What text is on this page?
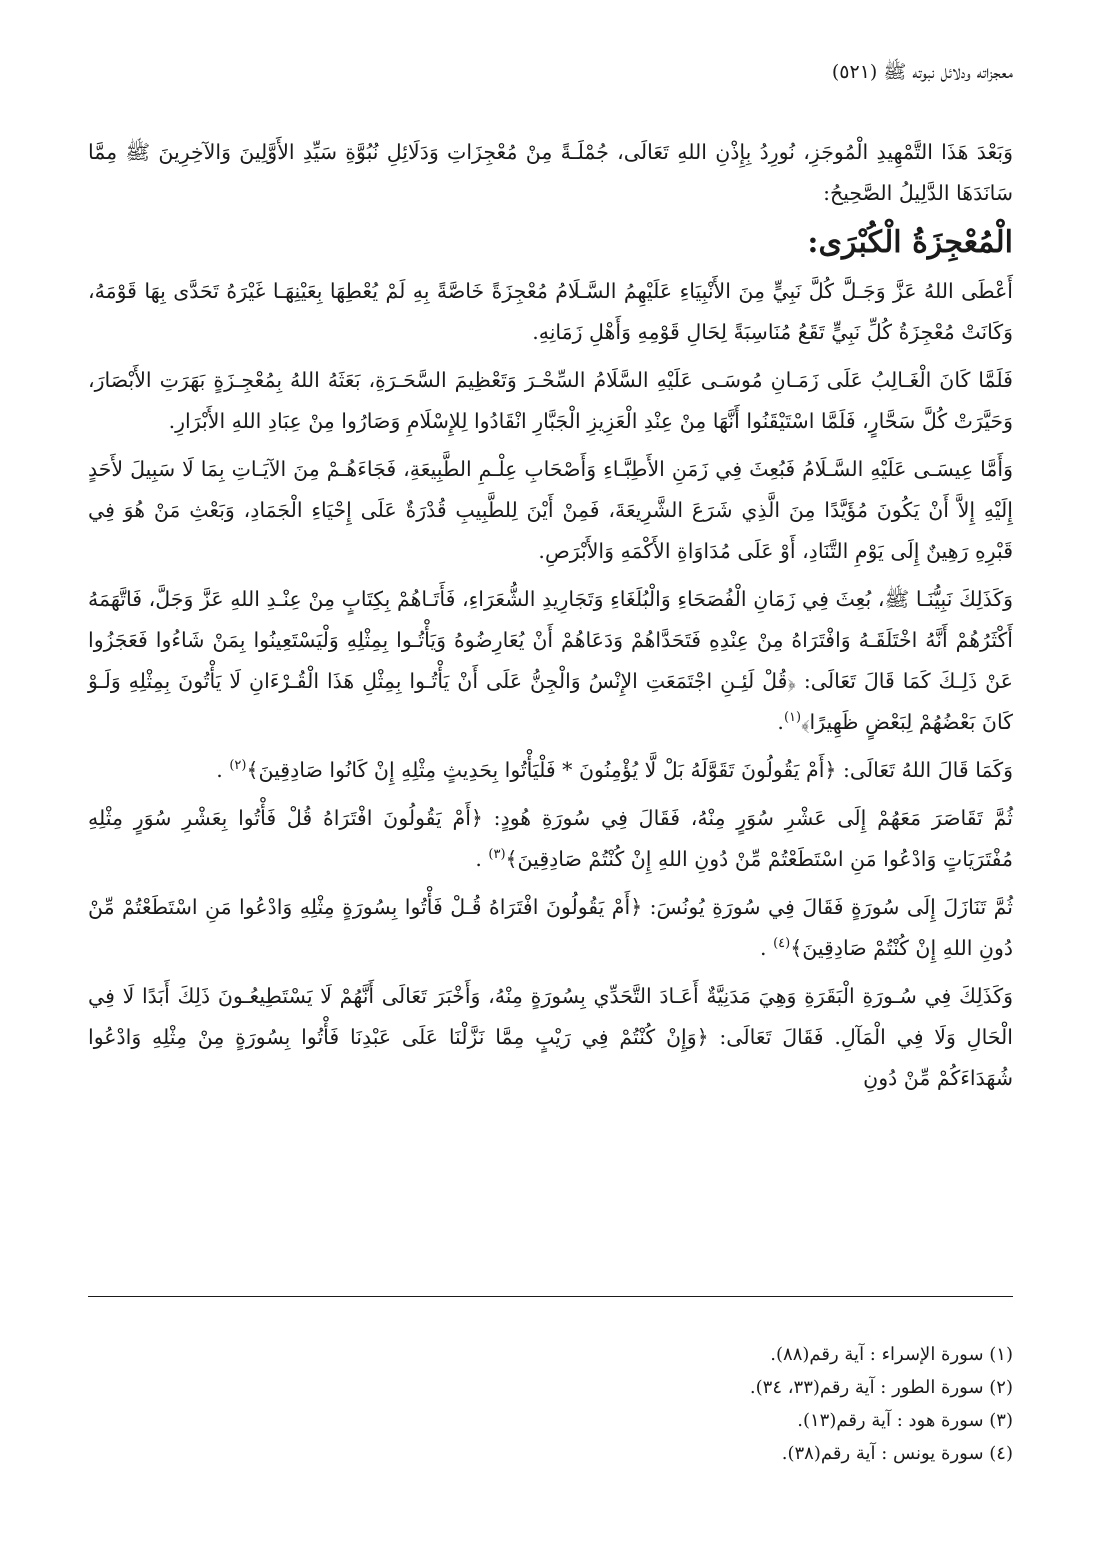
معجزاته ودلائل نبوته ﷺ (٥٢١)

وَبَعْدَ هَذَا التَّمْهِيدِ الْمُوجَزِ، نُورِدُ بِإِذْنِ اللهِ تَعَالَى، جُمْلَـةً مِنْ مُعْجِزَاتِ وَدَلَائِلِ نُبُوَّةِ سَيِّدِ الأَوَّلِينَ وَالآخِرِينَ ﷺ مِمَّا سَانَدَهَا الدَّلِيلُ الصَّحِيحُ:

الْمُعْجِزَةُ الْكُبْرَى:

أَعْطَى اللهُ عَزَّ وَجَـلَّ كُلَّ نَبِيٍّ مِنَ الأَنْبِيَاءِ عَلَيْهِمُ السَّـلَامُ مُعْجِزَةً خَاصَّةً بِهِ لَمْ يُعْطِهَا بِعَيْنِهَـا غَيْرَهُ تَحَدَّى بِهَا قَوْمَهُ، وَكَانَتْ مُعْجِزَةُ كُلِّ نَبِيٍّ تَقَعُ مُنَاسِبَةً لِحَالِ قَوْمِهِ وَأَهْلِ زَمَانِهِ.

فَلَمَّا كَانَ الْغَـالِبُ عَلَى زَمَـانِ مُوسَـى عَلَيْهِ السَّلَامُ السِّحْـرَ وَتَعْظِيمَ السَّحَـرَةِ، بَعَثَهُ اللهُ بِمُعْجِـزَةٍ بَهَرَتِ الأَبْصَارَ، وَحَيَّرَتْ كُلَّ سَحَّارٍ، فَلَمَّا اسْتَيْقَنُوا أَنَّهَا مِنْ عِنْدِ الْعَزِيزِ الْجَبَّارِ انْقَادُوا لِلإِسْلَامِ وَصَارُوا مِنْ عِبَادِ اللهِ الأَبْرَارِ.

وَأَمَّا عِيسَـى عَلَيْهِ السَّـلَامُ فَبُعِثَ فِي زَمَنِ الأَطِبَّـاءِ وَأَصْحَابِ عِلْـمِ الطَّبِيعَةِ، فَجَاءَهُـمْ مِنَ الآيَـاتِ بِمَا لَا سَبِيلَ لأَحَدٍ إِلَيْهِ إِلاَّ أَنْ يَكُونَ مُؤَيَّدًا مِنَ الَّذِي شَرَعَ الشَّرِيعَةَ، فَمِنْ أَيْنَ لِلطَّبِيبِ قُدْرَةٌ عَلَى إِحْيَاءِ الْجَمَادِ، وَبَعْثِ مَنْ هُوَ فِي قَبْرِهِ رَهِينٌ إِلَى يَوْمِ التَّنَادِ، أَوْ عَلَى مُدَاوَاةِ الأَكْمَهِ وَالأَبْرَصِ.

وَكَذَلِكَ نَبِيُّنَـا ﷺ، بُعِثَ فِي زَمَانِ الْفُصَحَاءِ وَالْبُلَغَاءِ وَتَجَارِيدِ الشُّعَرَاءِ، فَأَتَـاهُمْ بِكِتَابٍ مِنْ عِنْـدِ اللهِ عَزَّ وَجَلَّ، فَاتَّهَمَهُ أَكْثَرُهُمْ أَنَّهُ اخْتَلَقَـهُ وَافْتَرَاهُ مِنْ عِنْدِهِ فَتَحَدَّاهُمْ وَدَعَاهُمْ أَنْ يُعَارِضُوهُ وَيَأْتُـوا بِمِثْلِهِ وَلْيَسْتَعِينُوا بِمَنْ شَاءُوا فَعَجَزُوا عَنْ ذَلِـكَ كَمَا قَالَ تَعَالَى: ﴿قُلْ لَئِـنِ اجْتَمَعَتِ الإِنْسُ وَالْجِنُّ عَلَى أَنْ يَأْتُـوا بِمِثْلِ هَذَا الْقُـرْءَانِ لَا يَأْتُونَ بِمِثْلِهِ وَلَـوْ كَانَ بَعْضُهُمْ لِبَعْضٍ ظَهِيرًا﴾$^{(١)}$.

وَكَمَا قَالَ اللهُ تَعَالَى: ﴿أَمْ يَقُولُونَ تَقَوَّلَهُ بَلْ لَّا يُؤْمِنُونَ * فَلْيَأْتُوا بِحَدِيثٍ مِثْلِهِ إِنْ كَانُوا صَادِقِينَ﴾$^{(٢)}$ .

ثُمَّ تَقَاصَرَ مَعَهُمْ إِلَى عَشْرِ سُوَرٍ مِنْهُ، فَقَالَ فِي سُورَةِ هُودٍ: ﴿أَمْ يَقُولُونَ افْتَرَاهُ قُلْ فَأْتُوا بِعَشْرِ سُوَرٍ مِثْلِهِ مُفْتَرَيَاتٍ وَادْعُوا مَنِ اسْتَطَعْتُمْ مِّنْ دُونِ اللهِ إِنْ كُنْتُمْ صَادِقِينَ﴾$^{(٣)}$ .

ثُمَّ تَنَازَلَ إِلَى سُورَةٍ فَقَالَ فِي سُورَةِ يُونُسَ: ﴿أَمْ يَقُولُونَ افْتَرَاهُ قُـلْ فَأْتُوا بِسُورَةٍ مِثْلِهِ وَادْعُوا مَنِ اسْتَطَعْتُمْ مِّنْ دُونِ اللهِ إِنْ كُنْتُمْ صَادِقِينَ﴾$^{(٤)}$ .

وَكَذَلِكَ فِي سُـورَةِ الْبَقَرَةِ وَهِيَ مَدَنِيَّةٌ أَعَـادَ التَّحَدِّي بِسُورَةٍ مِنْهُ، وَأَخْبَرَ تَعَالَى أَنَّهُمْ لَا يَسْتَطِيعُـونَ ذَلِكَ أَبَدًا لَا فِي الْحَالِ وَلَا فِي الْمَآلِ. فَقَالَ تَعَالَى: ﴿وَإِنْ كُنْتُمْ فِي رَيْبٍ مِمَّا نَزَّلْنَا عَلَى عَبْدِنَا فَأْتُوا بِسُورَةٍ مِنْ مِثْلِهِ وَادْعُوا شُهَدَاءَكُمْ مِّنْ دُونِ

(١) سورة الإسراء : آية رقم(٨٨).
(٢) سورة الطور : آية رقم(٣٣، ٣٤).
(٣) سورة هود : آية رقم(١٣).
(٤) سورة يونس : آية رقم(٣٨).
